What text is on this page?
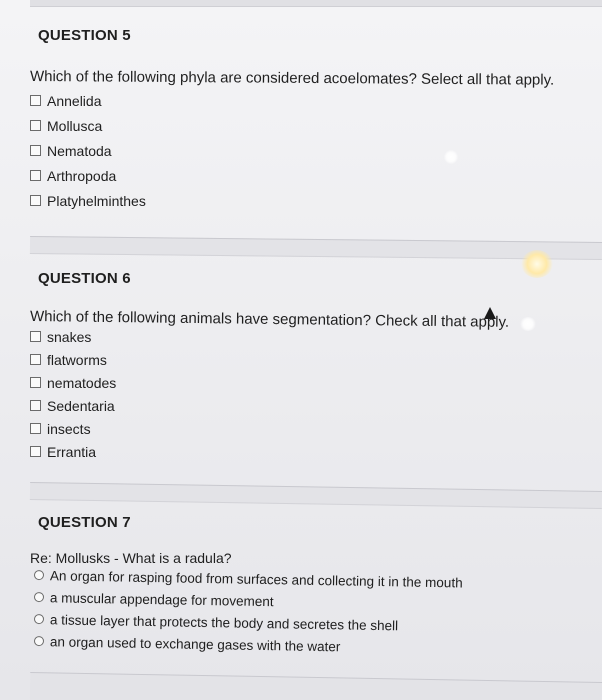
QUESTION 5
Which of the following phyla are considered acoelomates? Select all that apply.
Annelida
Mollusca
Nematoda
Arthropoda
Platyhelminthes
QUESTION 6
Which of the following animals have segmentation? Check all that apply.
snakes
flatworms
nematodes
Sedentaria
insects
Errantia
QUESTION 7
Re: Mollusks - What is a radula?
An organ for rasping food from surfaces and collecting it in the mouth
a muscular appendage for movement
a tissue layer that protects the body and secretes the shell
an organ used to exchange gases with the water
